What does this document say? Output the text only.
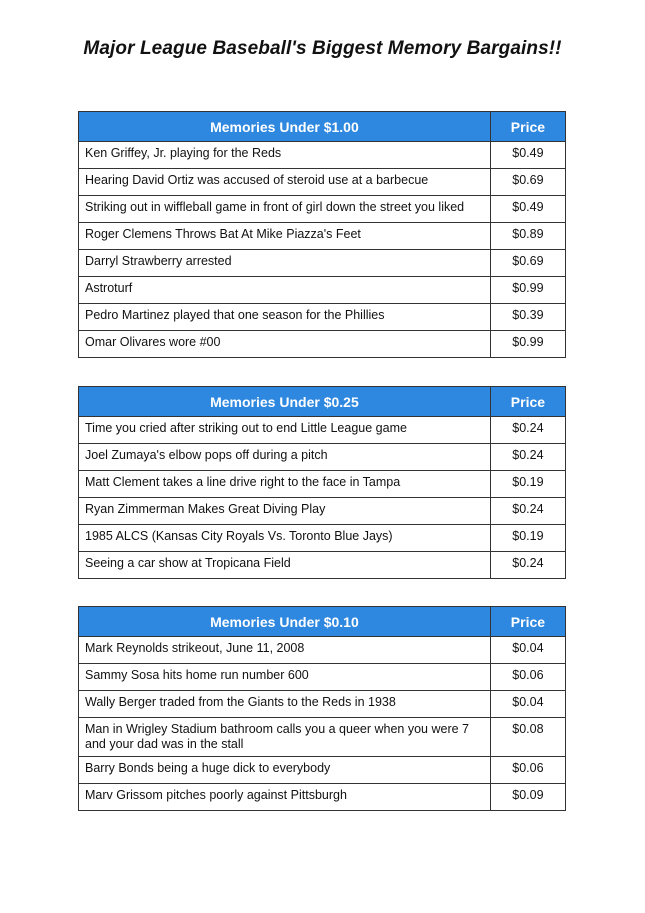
Major League Baseball's Biggest Memory Bargains!!
Memories Under $1.00	Price
Ken Griffey, Jr. playing for the Reds	$0.49
Hearing David Ortiz was accused of steroid use at a barbecue	$0.69
Striking out in wiffleball game in front of girl down the street you liked	$0.49
Roger Clemens Throws Bat At Mike Piazza's Feet	$0.89
Darryl Strawberry arrested	$0.69
Astroturf	$0.99
Pedro Martinez played that one season for the Phillies	$0.39
Omar Olivares wore #00	$0.99
Memories Under $0.25	Price
Time you cried after striking out to end Little League game	$0.24
Joel Zumaya's elbow pops off during a pitch	$0.24
Matt Clement takes a line drive right to the face in Tampa	$0.19
Ryan Zimmerman Makes Great Diving Play	$0.24
1985 ALCS (Kansas City Royals Vs. Toronto Blue Jays)	$0.19
Seeing a car show at Tropicana Field	$0.24
Memories Under $0.10	Price
Mark Reynolds strikeout, June 11, 2008	$0.04
Sammy Sosa hits home run number 600	$0.06
Wally Berger traded from the Giants to the Reds in 1938	$0.04
Man in Wrigley Stadium bathroom calls you a queer when you were 7 and your dad was in the stall	$0.08
Barry Bonds being a huge dick to everybody	$0.06
Marv Grissom pitches poorly against Pittsburgh	$0.09
